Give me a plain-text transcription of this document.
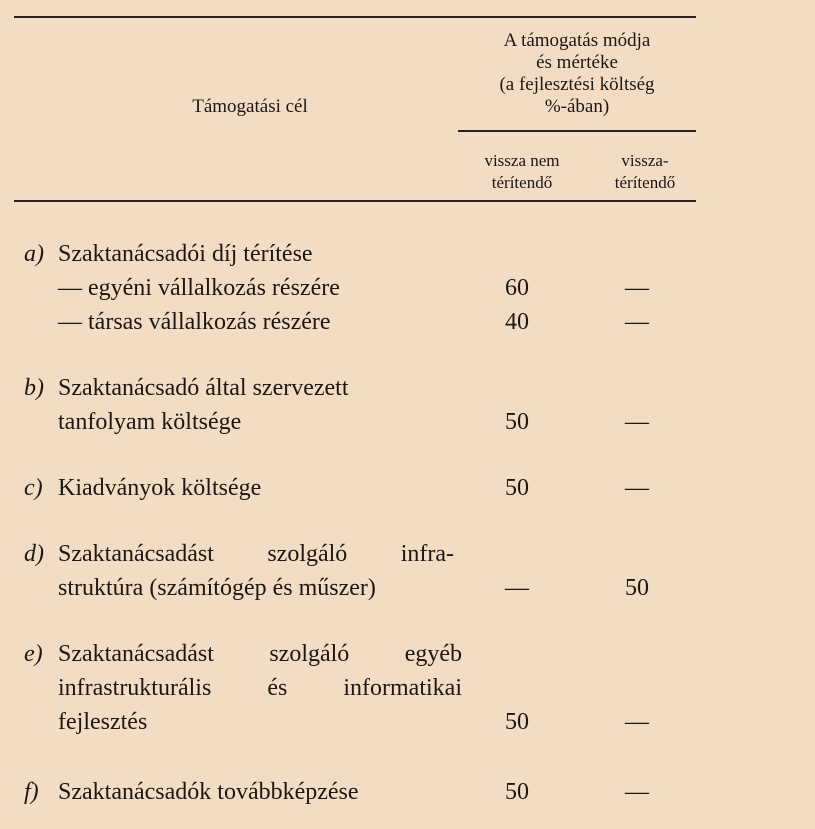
Támogatási cél
A támogatás módja
és mértéke
(a fejlesztési költség
%-ában)
vissza nem
térítendő
vissza-
térítendő
a) Szaktanácsadói díj térítése
— egyéni vállalkozás részére	60	—
— társas vállalkozás részére	40	—
b) Szaktanácsadó által szervezett
tanfolyam költsége	50	—
c) Kiadványok költsége	50	—
d) Szaktanácsadást szolgáló infra-
struktúra (számítógép és műszer)	—	50
e) Szaktanácsadást szolgáló egyéb
infrastrukturális és informatikai
fejlesztés	50	—
f) Szaktanácsadók továbbképzése	50	—
